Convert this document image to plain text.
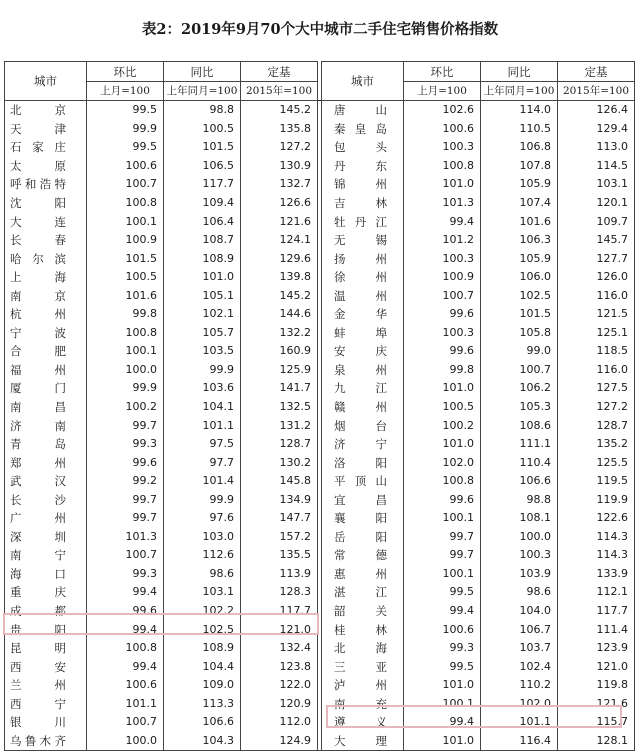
表2：2019年9月70个大中城市二手住宅销售价格指数
城市	环比	同比	定基		城市	环比	同比	定基
	上月=100	上年同月=100	2015年=100			上月=100	上年同月=100	2015年=100
北京	99.5	98.8	145.2		唐山	102.6	114.0	126.4
天津	99.9	100.5	135.8		秦皇岛	100.6	110.5	129.4
石家庄	99.5	101.5	127.2		包头	100.3	106.8	113.0
太原	100.6	106.5	130.9		丹东	100.8	107.8	114.5
呼和浩特	100.7	117.7	132.7		锦州	101.0	105.9	103.1
沈阳	100.8	109.4	126.6		吉林	101.3	107.4	120.1
大连	100.1	106.4	121.6		牡丹江	99.4	101.6	109.7
长春	100.9	108.7	124.1		无锡	101.2	106.3	145.7
哈尔滨	101.5	108.9	129.6		扬州	100.3	105.9	127.7
上海	100.5	101.0	139.8		徐州	100.9	106.0	126.0
南京	101.6	105.1	145.2		温州	100.7	102.5	116.0
杭州	99.8	102.1	144.6		金华	99.6	101.5	121.5
宁波	100.8	105.7	132.2		蚌埠	100.3	105.8	125.1
合肥	100.1	103.5	160.9		安庆	99.6	99.0	118.5
福州	100.0	99.9	125.9		泉州	99.8	100.7	116.0
厦门	99.9	103.6	141.7		九江	101.0	106.2	127.5
南昌	100.2	104.1	132.5		赣州	100.5	105.3	127.2
济南	99.7	101.1	131.2		烟台	100.2	108.6	128.7
青岛	99.3	97.5	128.7		济宁	101.0	111.1	135.2
郑州	99.6	97.7	130.2		洛阳	102.0	110.4	125.5
武汉	99.2	101.4	145.8		平顶山	100.8	106.6	119.5
长沙	99.7	99.9	134.9		宜昌	99.6	98.8	119.9
广州	99.7	97.6	147.7		襄阳	100.1	108.1	122.6
深圳	101.3	103.0	157.2		岳阳	99.7	100.0	114.3
南宁	100.7	112.6	135.5		常德	99.7	100.3	114.3
海口	99.3	98.6	113.9		惠州	100.1	103.9	133.9
重庆	99.4	103.1	128.3		湛江	99.5	98.6	112.1
成都	99.6	102.2	117.7		韶关	99.4	104.0	117.7
贵阳	99.4	102.5	121.0		桂林	100.6	106.7	111.4
昆明	100.8	108.9	132.4		北海	99.3	103.7	123.9
西安	99.4	104.4	123.8		三亚	99.5	102.4	121.0
兰州	100.6	109.0	122.0		泸州	101.0	110.2	119.8
西宁	101.1	113.3	120.9		南充	100.1	102.0	121.6
银川	100.7	106.6	112.0		遵义	99.4	101.1	115.7
乌鲁木齐	100.0	104.3	124.9		大理	101.0	116.4	128.1
